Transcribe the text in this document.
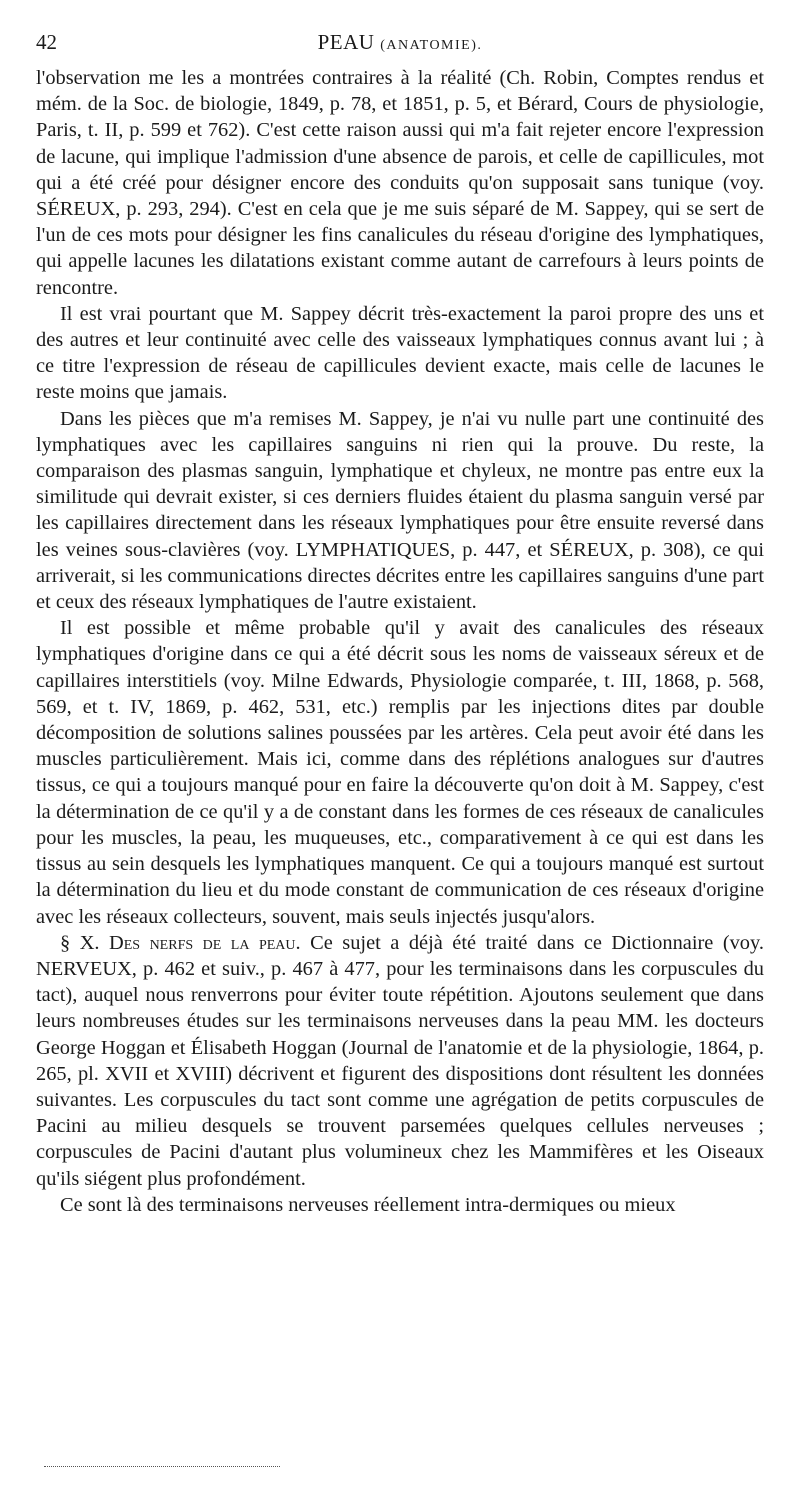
42	PEAU (ANATOMIE).

l'observation me les a montrées contraires à la réalité (Ch. Robin, Comptes rendus et mém. de la Soc. de biologie, 1849, p. 78, et 1851, p. 5, et Bérard, Cours de physiologie, Paris, t. II, p. 599 et 762). C'est cette raison aussi qui m'a fait rejeter encore l'expression de lacune, qui implique l'admission d'une absence de parois, et celle de capillicules, mot qui a été créé pour désigner encore des conduits qu'on supposait sans tunique (voy. SÉREUX, p. 293, 294). C'est en cela que je me suis séparé de M. Sappey, qui se sert de l'un de ces mots pour désigner les fins canalicules du réseau d'origine des lymphatiques, qui appelle lacunes les dilatations existant comme autant de carrefours à leurs points de rencontre.

Il est vrai pourtant que M. Sappey décrit très-exactement la paroi propre des uns et des autres et leur continuité avec celle des vaisseaux lymphatiques connus avant lui ; à ce titre l'expression de réseau de capillicules devient exacte, mais celle de lacunes le reste moins que jamais.

Dans les pièces que m'a remises M. Sappey, je n'ai vu nulle part une continuité des lymphatiques avec les capillaires sanguins ni rien qui la prouve. Du reste, la comparaison des plasmas sanguin, lymphatique et chyleux, ne montre pas entre eux la similitude qui devrait exister, si ces derniers fluides étaient du plasma sanguin versé par les capillaires directement dans les réseaux lymphatiques pour être ensuite reversé dans les veines sous-clavières (voy. LYMPHATIQUES, p. 447, et SÉREUX, p. 308), ce qui arriverait, si les communications directes décrites entre les capillaires sanguins d'une part et ceux des réseaux lymphatiques de l'autre existaient.

Il est possible et même probable qu'il y avait des canalicules des réseaux lymphatiques d'origine dans ce qui a été décrit sous les noms de vaisseaux séreux et de capillaires interstitiels (voy. Milne Edwards, Physiologie comparée, t. III, 1868, p. 568, 569, et t. IV, 1869, p. 462, 531, etc.) remplis par les injections dites par double décomposition de solutions salines poussées par les artères. Cela peut avoir été dans les muscles particulièrement. Mais ici, comme dans des réplétions analogues sur d'autres tissus, ce qui a toujours manqué pour en faire la découverte qu'on doit à M. Sappey, c'est la détermination de ce qu'il y a de constant dans les formes de ces réseaux de canalicules pour les muscles, la peau, les muqueuses, etc., comparativement à ce qui est dans les tissus au sein desquels les lymphatiques manquent. Ce qui a toujours manqué est surtout la détermination du lieu et du mode constant de communication de ces réseaux d'origine avec les réseaux collecteurs, souvent, mais seuls injectés jusqu'alors.

§ X. Des nerfs de la peau. Ce sujet a déjà été traité dans ce Dictionnaire (voy. NERVEUX, p. 462 et suiv., p. 467 à 477, pour les terminaisons dans les corpuscules du tact), auquel nous renverrons pour éviter toute répétition. Ajoutons seulement que dans leurs nombreuses études sur les terminaisons nerveuses dans la peau MM. les docteurs George Hoggan et Élisabeth Hoggan (Journal de l'anatomie et de la physiologie, 1864, p. 265, pl. XVII et XVIII) décrivent et figurent des dispositions dont résultent les données suivantes. Les corpuscules du tact sont comme une agrégation de petits corpuscules de Pacini au milieu desquels se trouvent parsemées quelques cellules nerveuses ; corpuscules de Pacini d'autant plus volumineux chez les Mammifères et les Oiseaux qu'ils siégent plus profondément.

Ce sont là des terminaisons nerveuses réellement intra-dermiques ou mieux
